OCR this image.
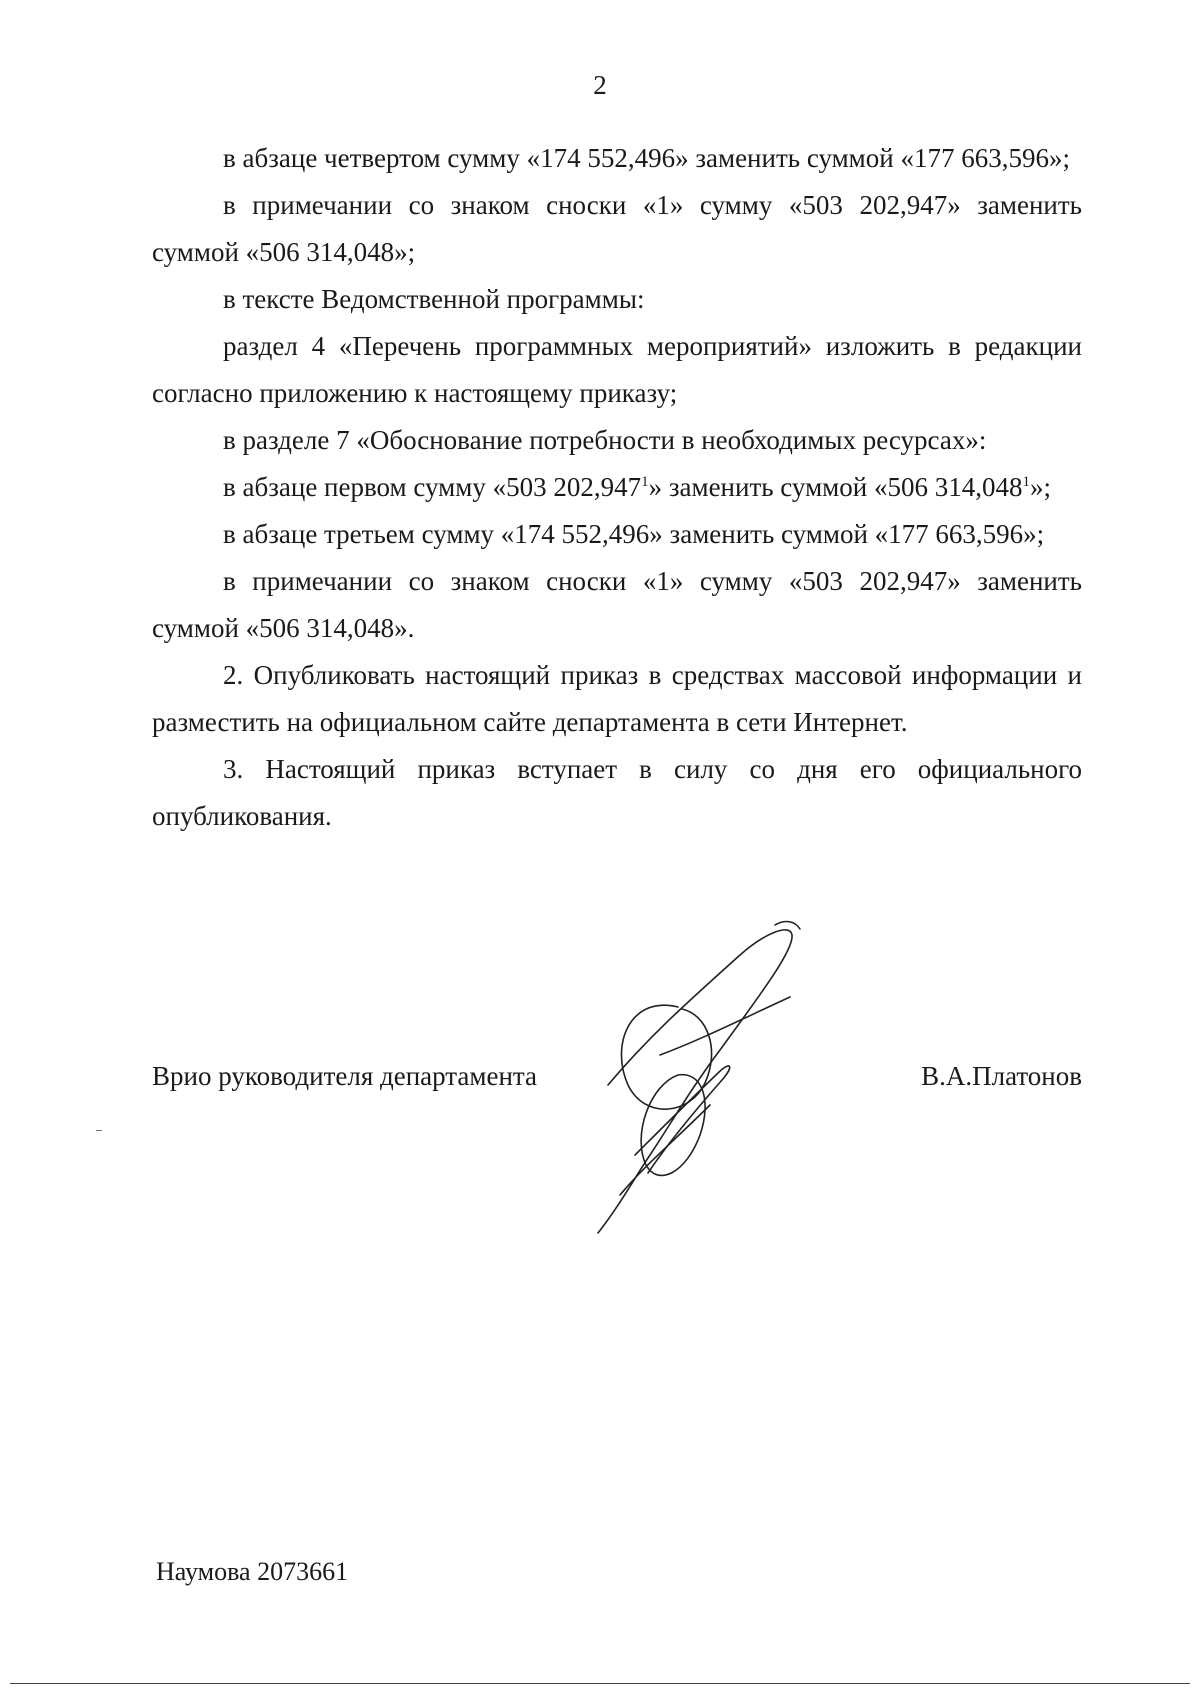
2

в абзаце четвертом сумму «174 552,496» заменить суммой «177 663,596»;

в примечании со знаком сноски «1» сумму «503 202,947» заменить суммой «506 314,048»;

в тексте Ведомственной программы:

раздел 4 «Перечень программных мероприятий» изложить в редакции согласно приложению к настоящему приказу;

в разделе 7 «Обоснование потребности в необходимых ресурсах»:

в абзаце первом сумму «503 202,947$^1$» заменить суммой «506 314,048$^1$»;

в абзаце третьем сумму «174 552,496» заменить суммой «177 663,596»;

в примечании со знаком сноски «1» сумму «503 202,947» заменить суммой «506 314,048».

2. Опубликовать настоящий приказ в средствах массовой информации и разместить на официальном сайте департамента в сети Интернет.

3. Настоящий приказ вступает в силу со дня его официального опубликования.

Врио руководителя департамента	В.А.Платонов
Наумова 2073661
